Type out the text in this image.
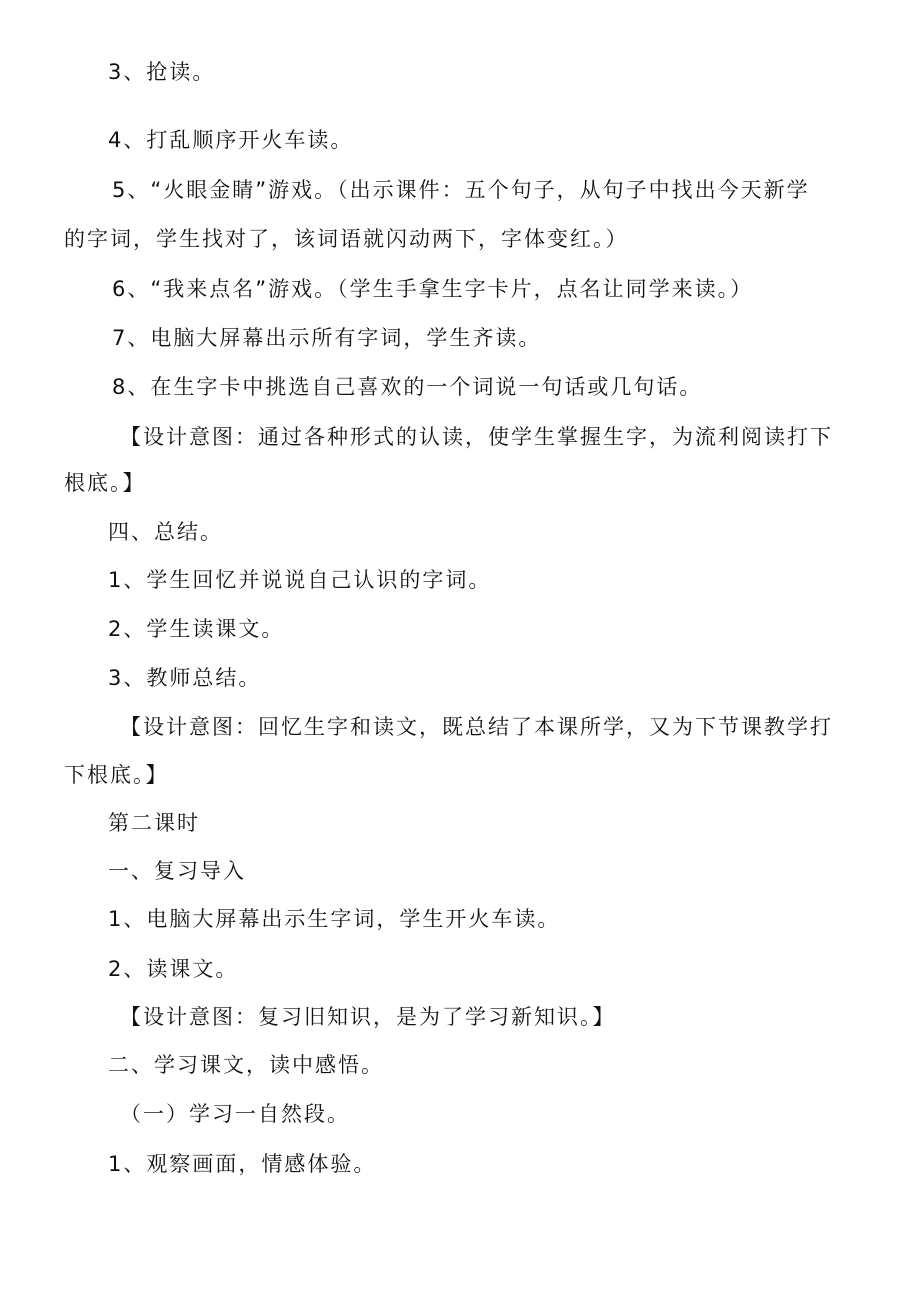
3、抢读。
4、打乱顺序开火车读。
5、“火眼金睛”游戏。（出示课件：五个句子，从句子中找出今天新学
的字词，学生找对了，该词语就闪动两下，字体变红。）
6、“我来点名”游戏。（学生手拿生字卡片，点名让同学来读。）
7、电脑大屏幕出示所有字词，学生齐读。
8、在生字卡中挑选自己喜欢的一个词说一句话或几句话。
【设计意图：通过各种形式的认读，使学生掌握生字，为流利阅读打下
根底。】
四、总结。
1、学生回忆并说说自己认识的字词。
2、学生读课文。
3、教师总结。
【设计意图：回忆生字和读文，既总结了本课所学，又为下节课教学打
下根底。】
第二课时
一、复习导入
1、电脑大屏幕出示生字词，学生开火车读。
2、读课文。
【设计意图：复习旧知识，是为了学习新知识。】
二、学习课文，读中感悟。
（一）学习一自然段。
1、观察画面，情感体验。
